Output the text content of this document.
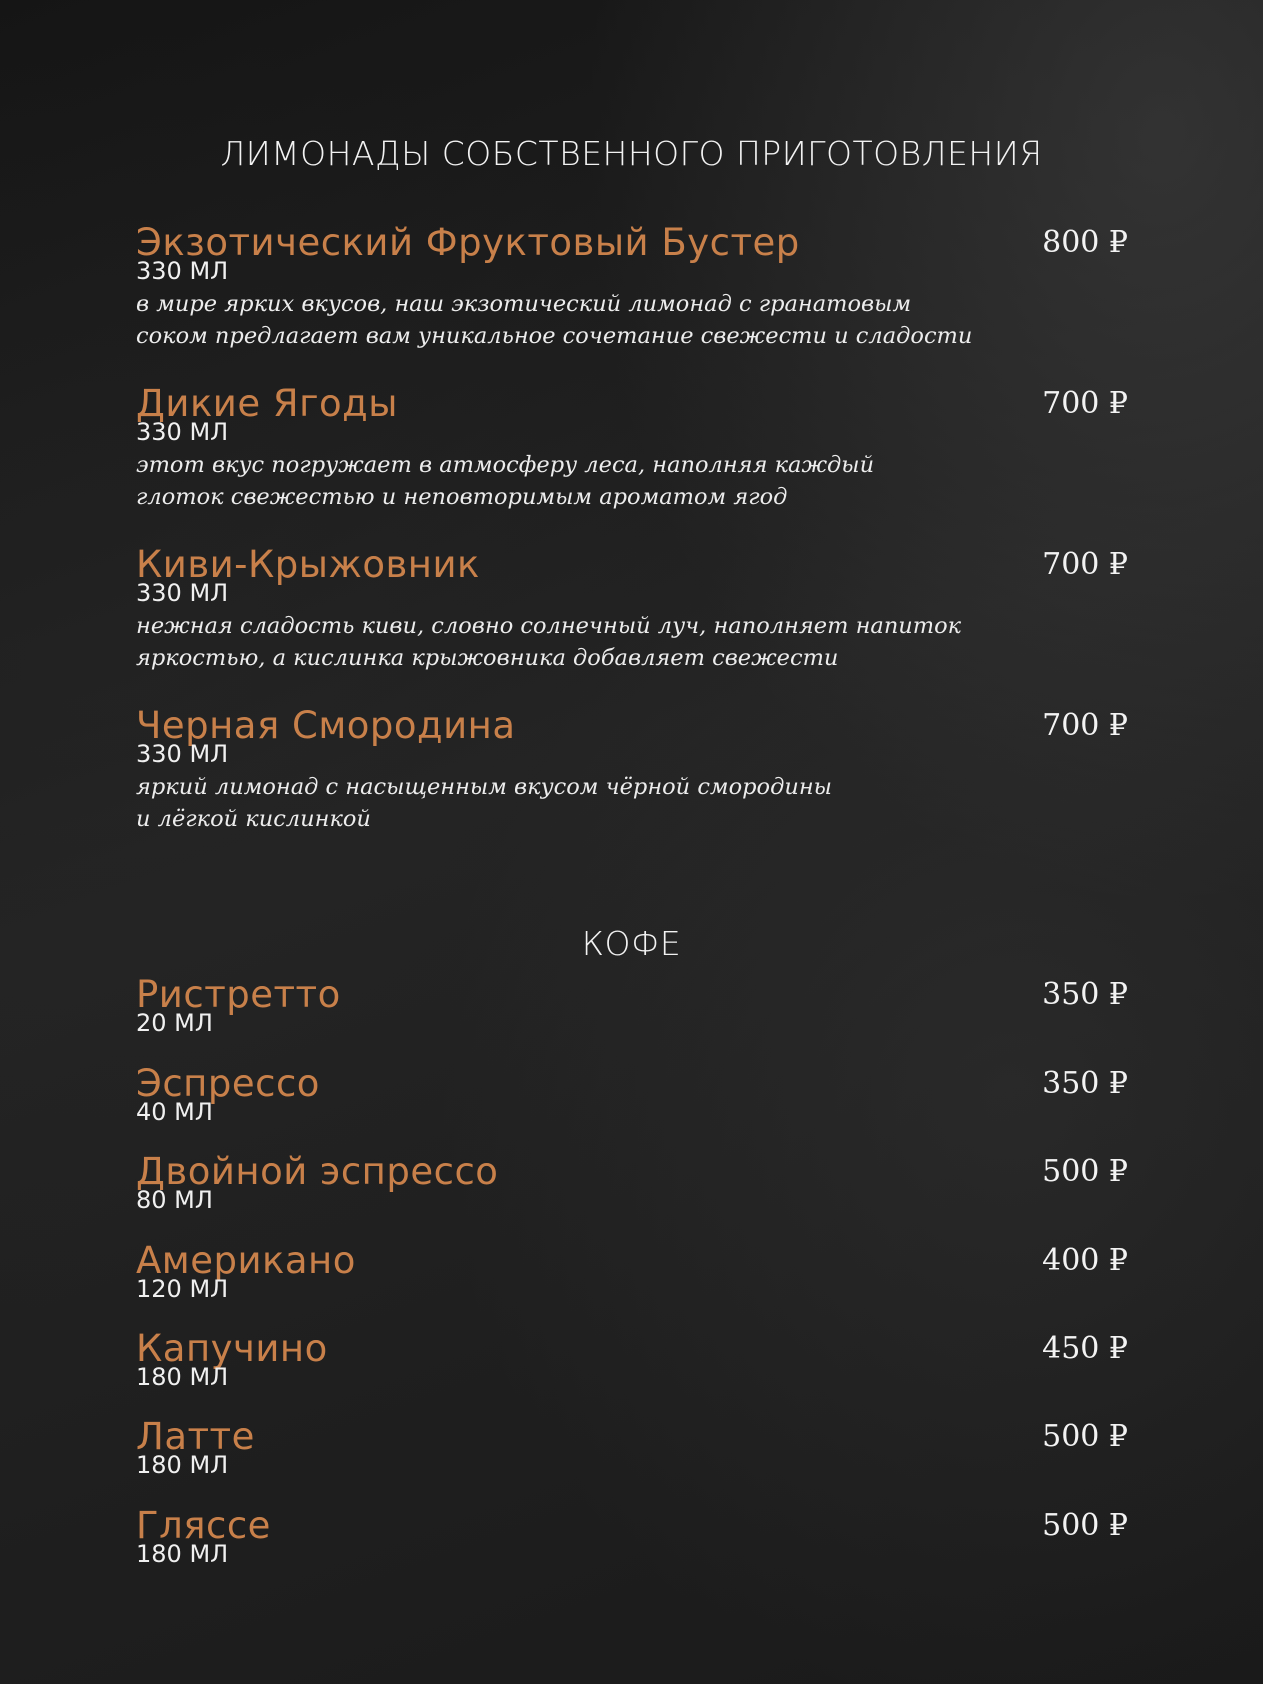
ЛИМОНАДЫ СОБСТВЕННОГО ПРИГОТОВЛЕНИЯ
Экзотический Фруктовый Бустер	800 ₽
330 МЛ
в мире ярких вкусов, наш экзотический лимонад с гранатовым
соком предлагает вам уникальное сочетание свежести и сладости
Дикие Ягоды	700 ₽
330 МЛ
этот вкус погружает в атмосферу леса, наполняя каждый
глоток свежестью и неповторимым ароматом ягод
Киви-Крыжовник	700 ₽
330 МЛ
нежная сладость киви, словно солнечный луч, наполняет напиток
яркостью, а кислинка крыжовника добавляет свежести
Черная Смородина	700 ₽
330 МЛ
яркий лимонад с насыщенным вкусом чёрной смородины
и лёгкой кислинкой
КОФЕ
Ристретто	350 ₽
20 МЛ
Эспрессо	350 ₽
40 МЛ
Двойной эспрессо	500 ₽
80 МЛ
Американо	400 ₽
120 МЛ
Капучино	450 ₽
180 МЛ
Латте	500 ₽
180 МЛ
Гляссе	500 ₽
180 МЛ
